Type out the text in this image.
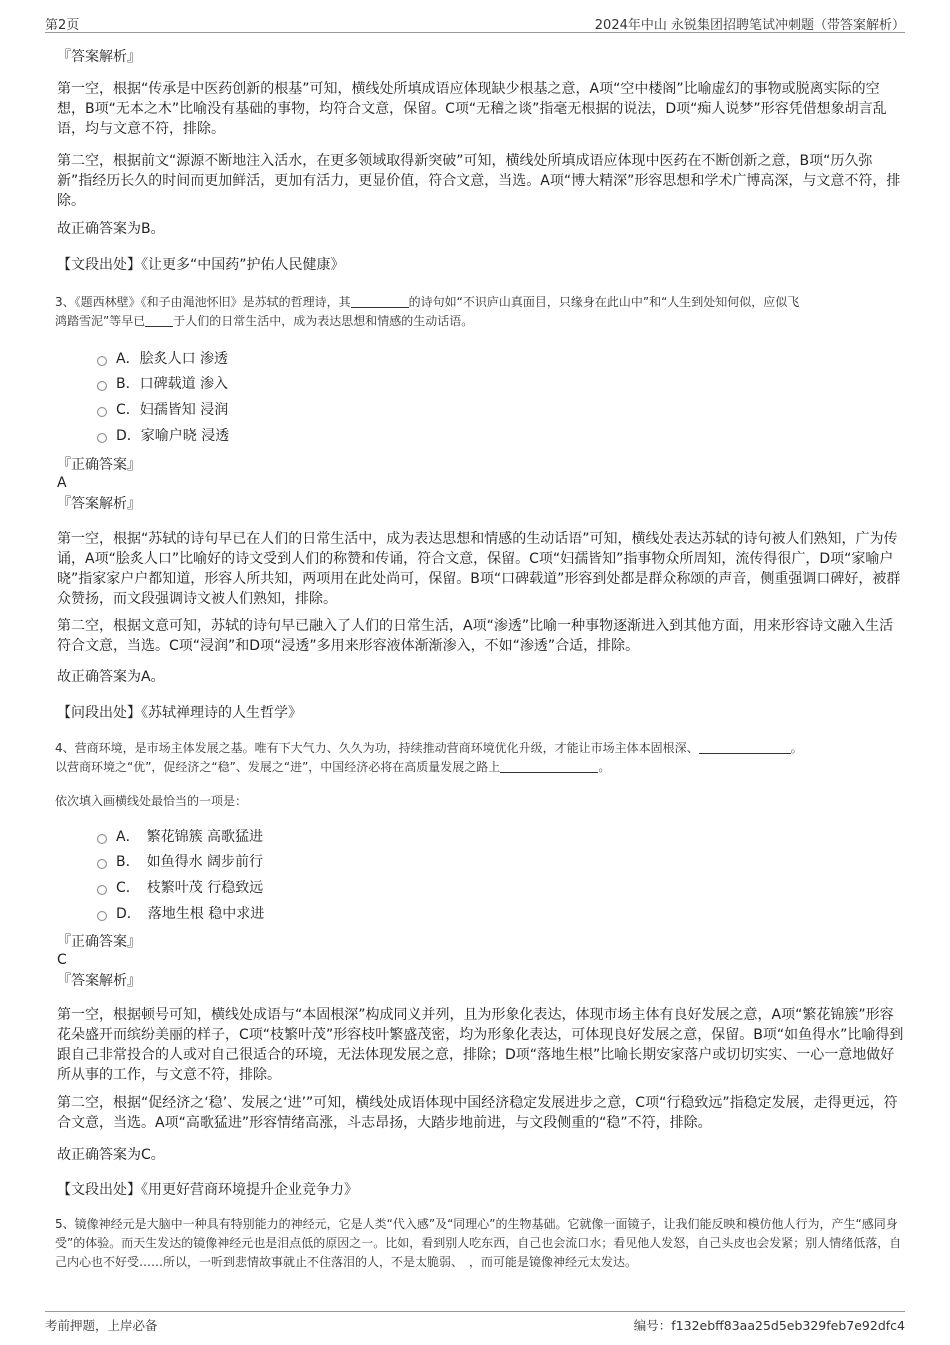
第2页	2024年中山 永锐集团招聘笔试冲刺题（带答案解析）
『答案解析』
第一空，根据“传承是中医药创新的根基”可知，横线处所填成语应体现缺少根基之意，A项“空中楼阁”比喻虚幻的事物或脱离实际的空想，B项“无本之木”比喻没有基础的事物，均符合文意，保留。C项“无稽之谈”指毫无根据的说法，D项“痴人说梦”形容凭借想象胡言乱语，均与文意不符，排除。
第二空，根据前文“源源不断地注入活水，在更多领域取得新突破”可知，横线处所填成语应体现中医药在不断创新之意，B项“历久弥新”指经历长久的时间而更加鲜活，更加有活力，更显价值，符合文意，当选。A项“博大精深”形容思想和学术广博高深，与文意不符，排除。
故正确答案为B。
【文段出处】《让更多“中国药”护佑人民健康》
3、《题西林壁》《和子由渑池怀旧》是苏轼的哲理诗，其	的诗句如“不识庐山真面目，只缘身在此山中”和“人生到处知何似，应似飞
鸿踏雪泥”等早已 于人们的日常生活中，成为表达思想和情感的生动话语。
A．脍炙人口 渗透
B．口碑载道 渗入
C．妇孺皆知 浸润
D．家喻户晓 浸透
『正确答案』
A
『答案解析』
第一空，根据“苏轼的诗句早已在人们的日常生活中，成为表达思想和情感的生动话语”可知，横线处表达苏轼的诗句被人们熟知，广为传诵，A项“脍炙人口”比喻好的诗文受到人们的称赞和传诵，符合文意，保留。C项“妇孺皆知”指事物众所周知，流传得很广，D项“家喻户晓”指家家户户都知道，形容人所共知，两项用在此处尚可，保留。B项“口碑载道”形容到处都是群众称颂的声音，侧重强调口碑好，被群众赞扬，而文段强调诗文被人们熟知，排除。
第二空，根据文意可知，苏轼的诗句早已融入了人们的日常生活，A项“渗透”比喻一种事物逐渐进入到其他方面，用来形容诗文融入生活符合文意，当选。C项“浸润”和D项“浸透”多用来形容液体渐渐渗入，不如“渗透”合适，排除。
故正确答案为A。
【问段出处】《苏轼禅理诗的人生哲学》
4、营商环境，是市场主体发展之基。唯有下大气力、久久为功，持续推动营商环境优化升级，才能让市场主体本固根深、	。
以营商环境之“优”，促经济之“稳”、发展之“进”，中国经济必将在高质量发展之路上	。
依次填入画横线处最恰当的一项是：
A．　繁花锦簇 高歌猛进
B．　如鱼得水 阔步前行
C．　枝繁叶茂 行稳致远
D．　落地生根 稳中求进
『正确答案』
C
『答案解析』
第一空，根据顿号可知，横线处成语与“本固根深”构成同义并列，且为形象化表达，体现市场主体有良好发展之意，A项“繁花锦簇”形容花朵盛开而缤纷美丽的样子，C项“枝繁叶茂”形容枝叶繁盛茂密，均为形象化表达，可体现良好发展之意，保留。B项“如鱼得水”比喻得到跟自己非常投合的人或对自己很适合的环境，无法体现发展之意，排除；D项“落地生根”比喻长期安家落户或切切实实、一心一意地做好所从事的工作，与文意不符，排除。
第二空，根据“促经济之‘稳’、发展之‘进’”可知，横线处成语体现中国经济稳定发展进步之意，C项“行稳致远”指稳定发展，走得更远，符合文意，当选。A项“高歌猛进”形容情绪高涨，斗志昂扬，大踏步地前进，与文段侧重的“稳”不符，排除。
故正确答案为C。
【文段出处】《用更好营商环境提升企业竞争力》
5、镜像神经元是大脑中一种具有特别能力的神经元，它是人类“代入感”及“同理心”的生物基础。它就像一面镜子，让我们能反映和模仿他人行为，产生“感同身受”的体验。而天生发达的镜像神经元也是泪点低的原因之一。比如，看到别人吃东西，自己也会流口水；看见他人发怒，自己头皮也会发紧；别人情绪低落，自己内心也不好受……所以，一听到悲情故事就止不住落泪的人，不是太脆弱、　，而可能是镜像神经元太发达。
考前押题，上岸必备	编号：f132ebff83aa25d5eb329feb7e92dfc4
